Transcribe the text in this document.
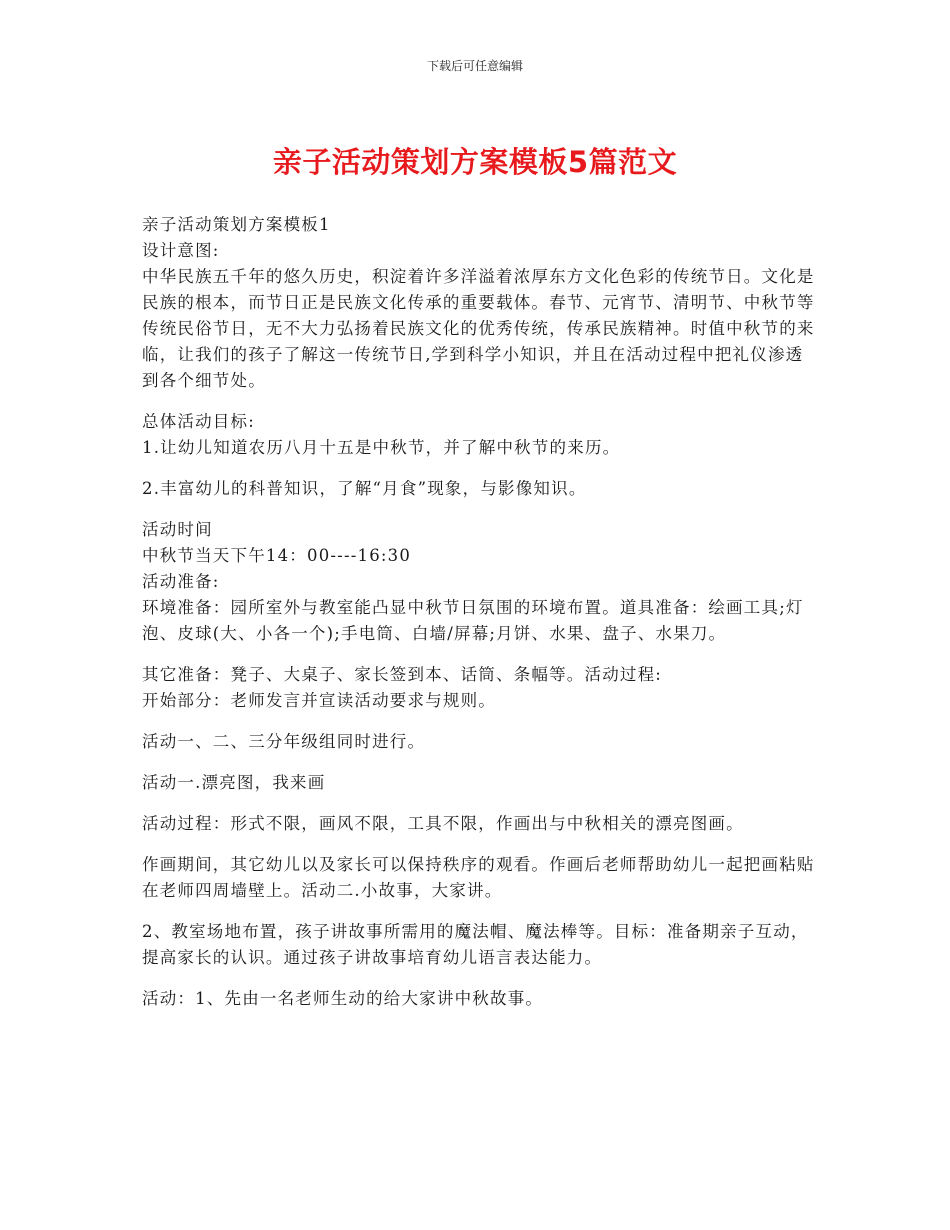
下载后可任意编辑
亲子活动策划方案模板5篇范文

亲子活动策划方案模板1

设计意图:

中华民族五千年的悠久历史，积淀着许多洋溢着浓厚东方文化色彩的传统节日。文化是民族的根本，而节日正是民族文化传承的重要载体。春节、元宵节、清明节、中秋节等传统民俗节日，无不大力弘扬着民族文化的优秀传统，传承民族精神。时值中秋节的来临，让我们的孩子了解这一传统节日,学到科学小知识，并且在活动过程中把礼仪渗透到各个细节处。

总体活动目标:

1.让幼儿知道农历八月十五是中秋节，并了解中秋节的来历。

2.丰富幼儿的科普知识，了解“月食”现象，与影像知识。

活动时间

中秋节当天下午14：00----16:30

活动准备:

环境准备：园所室外与教室能凸显中秋节日氛围的环境布置。道具准备：绘画工具;灯泡、皮球(大、小各一个);手电筒、白墙/屏幕;月饼、水果、盘子、水果刀。

其它准备：凳子、大桌子、家长签到本、话筒、条幅等。活动过程:

开始部分：老师发言并宣读活动要求与规则。

活动一、二、三分年级组同时进行。

活动一.漂亮图，我来画

活动过程：形式不限，画风不限，工具不限，作画出与中秋相关的漂亮图画。

作画期间，其它幼儿以及家长可以保持秩序的观看。作画后老师帮助幼儿一起把画粘贴在老师四周墙壁上。活动二.小故事，大家讲。

2、教室场地布置，孩子讲故事所需用的魔法帽、魔法棒等。目标：准备期亲子互动，提高家长的认识。通过孩子讲故事培育幼儿语言表达能力。

活动：1、先由一名老师生动的给大家讲中秋故事。
